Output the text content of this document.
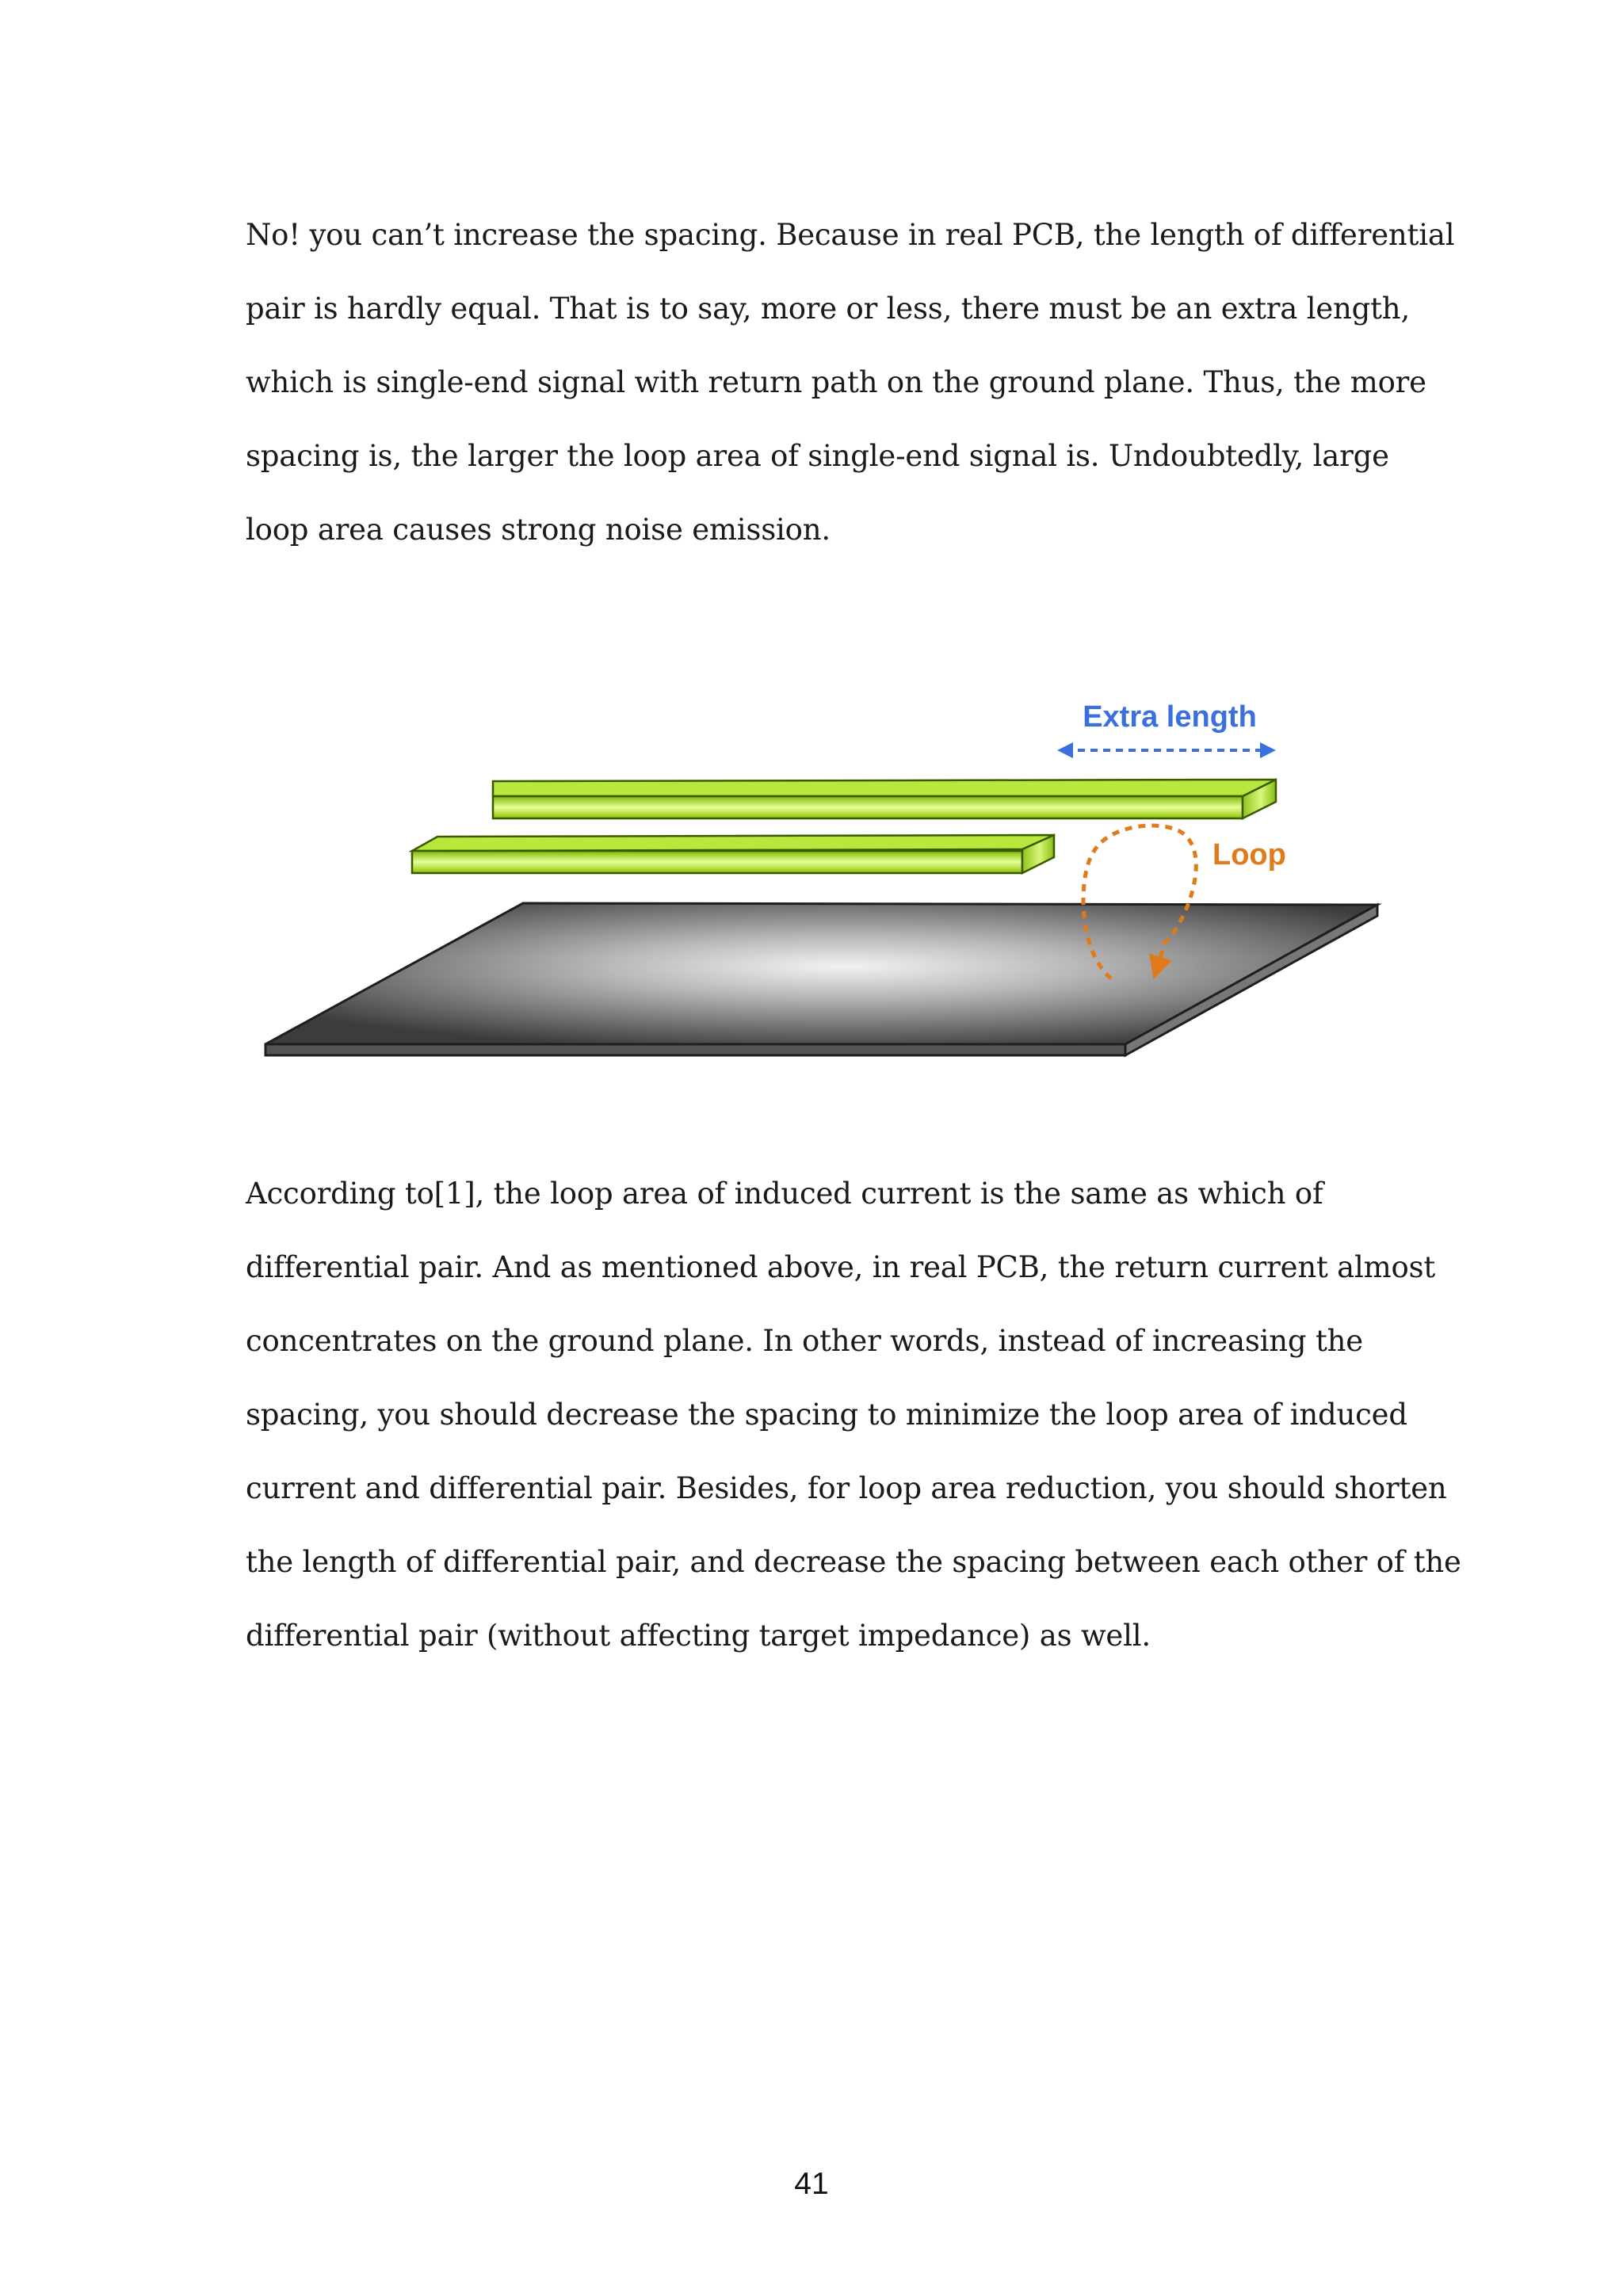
No! you can’t increase the spacing. Because in real PCB, the length of differential
pair is hardly equal. That is to say, more or less, there must be an extra length,
which is single-end signal with return path on the ground plane. Thus, the more
spacing is, the larger the loop area of single-end signal is. Undoubtedly, large
loop area causes strong noise emission.

Extra length
Loop

According to[1], the loop area of induced current is the same as which of
differential pair. And as mentioned above, in real PCB, the return current almost
concentrates on the ground plane. In other words, instead of increasing the
spacing, you should decrease the spacing to minimize the loop area of induced
current and differential pair. Besides, for loop area reduction, you should shorten
the length of differential pair, and decrease the spacing between each other of the
differential pair (without affecting target impedance) as well.

41
